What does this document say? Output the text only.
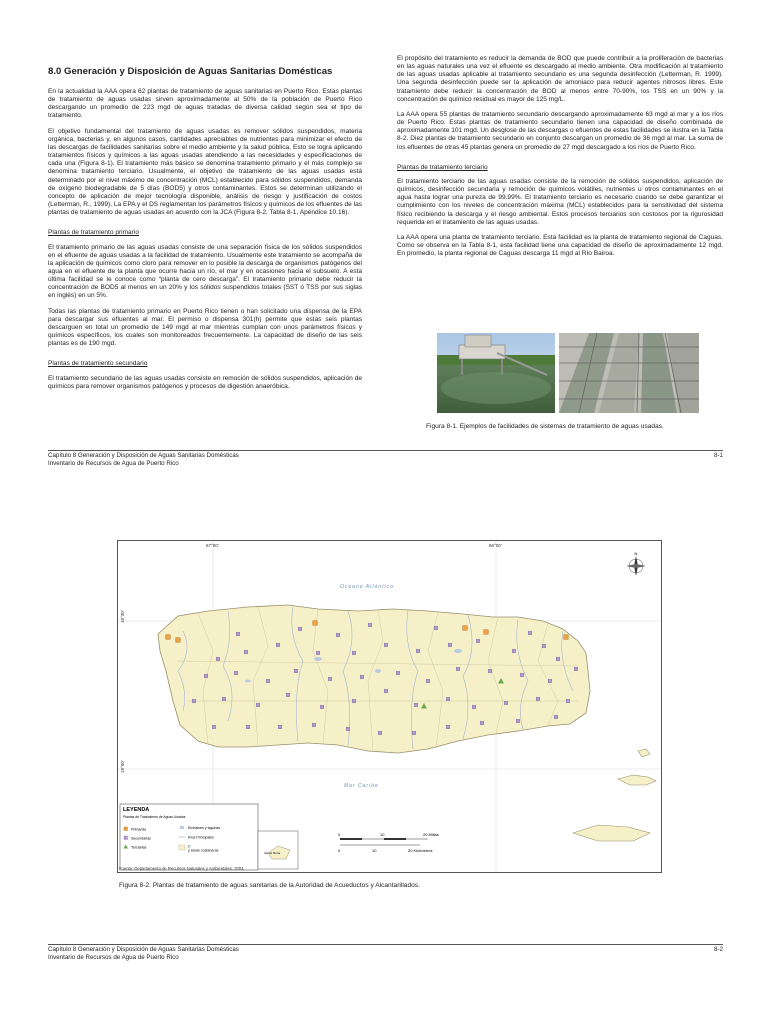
8.0 Generación y Disposición de Aguas Sanitarias Domésticas

En la actualidad la AAA opera 62 plantas de tratamiento de aguas sanitarias en Puerto Rico. Estas plantas de tratamiento de aguas usadas sirven aproximadamente al 50% de la población de Puerto Rico descargando un promedio de 223 mgd de aguas tratadas de diversa calidad según sea el tipo de tratamiento.

El objetivo fundamental del tratamiento de aguas usadas es remover sólidos suspendidos, materia orgánica, bacterias y, en algunos casos, cantidades apreciables de nutrientes para minimizar el efecto de las descargas de facilidades sanitarias sobre el medio ambiente y la salud pública. Esto se logra aplicando tratamientos físicos y químicos a las aguas usadas atendiendo a las necesidades y especificaciones de cada una (Figura 8-1). El tratamiento más básico se denomina tratamiento primario y el más complejo se denomina tratamiento terciario. Usualmente, el objetivo de tratamiento de las aguas usadas está determinado por el nivel máximo de concentración (MCL) establecido para sólidos suspendidos, demanda de oxígeno biodegradable de 5 días (BOD5) y otros contaminantes. Estos se determinan utilizando el concepto de aplicación de mejor tecnología disponible, análisis de riesgo y justificación de costos (Letterman, R., 1999). La EPA y el DS reglamentan los parámetros físicos y químicos de los efluentes de las plantas de tratamiento de aguas usadas en acuerdo con la JCA (Figura 8-2, Tabla 8-1, Apéndice 10.16).

Plantas de tratamiento primario

El tratamiento primario de las aguas usadas consiste de una separación física de los sólidos suspendidos en el efluente de aguas usadas a la facilidad de tratamiento. Usualmente este tratamiento se acompaña de la aplicación de químicos como cloro para remover en lo posible la descarga de organismos patógenos del agua en el efluente de la planta que ocurre hacia un río, el mar y en ocasiones hacia el subsuelo. A esta última facilidad se le conoce como “planta de cero descarga”. El tratamiento primario debe reducir la concentración de BOD5 al menos en un 20% y los sólidos suspendidos totales (SST ó TSS por sus siglas en inglés) en un 5%.

Todas las plantas de tratamiento primario en Puerto Rico tienen o han solicitado una dispensa de la EPA para descargar sus efluentes al mar. El permiso o dispensa 301(h) permite que estas seis plantas descarguen en total un promedio de 149 mgd al mar mientras cumplan con unos parámetros físicos y químicos específicos, los cuales son monitoreados frecuentemente. La capacidad de diseño de las seis plantas es de 190 mgd.

Plantas de tratamiento secundario

El tratamiento secundario de las aguas usadas consiste en remoción de sólidos suspendidos, aplicación de químicos para remover organismos patógenos y procesos de digestión anaeróbica.

El propósito del tratamiento es reducir la demanda de BOD que puede contribuir a la proliferación de bacterias en las aguas naturales una vez el efluente es descargado al medio ambiente. Otra modificación al tratamiento de las aguas usadas aplicable al tratamiento secundario es una segunda desinfección (Letterman, R. 1999). Una segunda desinfección puede ser la aplicación de amoniaco para reducir agentes nitrosos libres. Este tratamiento debe reducir la concentración de BOD al menos entre 70-90%, los TSS en un 90% y la concentración de químico residual es mayor de 125 mg/L.

La AAA opera 55 plantas de tratamiento secundario descargando aproximadamente 63 mgd al mar y a los ríos de Puerto Rico. Estas plantas de tratamiento secundario tienen una capacidad de diseño combinada de aproximadamente 101 mgd. Un desglose de las descargas o efluentes de estas facilidades se ilustra en la Tabla 8-2. Diez plantas de tratamiento secundario en conjunto descargan un promedio de 36 mgd al mar. La suma de los efluentes de otras 45 plantas genera un promedio de 27 mgd descargado a los ríos de Puerto Rico.

Plantas de tratamiento terciario

El tratamiento terciario de las aguas usadas consiste de la remoción de sólidos suspendidos, aplicación de químicos, desinfección secundaria y remoción de químicos volátiles, nutrientes u otros contaminantes en el agua hasta lograr una pureza de 99.99%. El tratamiento terciario es necesario cuando se debe garantizar el cumplimiento con los niveles de concentración máxima (MCL) establecidos para la sensitividad del sistema físico recibiendo la descarga y el riesgo ambiental. Estos procesos terciarios son costosos por la rigurosidad requerida en el tratamiento de las aguas usadas.

La AAA opera una planta de tratamiento terciario. Esta facilidad es la planta de tratamiento regional de Caguas. Como se observa en la Tabla 8-1, esta facilidad tiene una capacidad de diseño de aproximadamente 12 mgd. En promedio, la planta regional de Caguas descarga 11 mgd al Río Bairoa.

Figura 8-1. Ejemplos de facilidades de sistemas de tratamiento de aguas usadas.
Capítulo 8 Generación y Disposición de Aguas Sanitarias Domésticas
Inventario de Recursos de Agua de Puerto Rico
8-1
67°00'	66°00'
18°30'
18°00'
N
Oceano Atlántico
Mar Caribe
LEYENDA
Plantas de Tratamiento de Aguas Usadas
Primarias
Secundarias
Terciarias
Embalses y lagunas
Ríos Principales
C
y áreas costaneras
Isla de Mona
0	10	20 Millas
0	10	20 Kilómetros
Fuente: Departamento de Recursos Naturales y Ambientales, 2004.
Figura 8-2. Plantas de tratamiento de aguas sanitarias de la Autoridad de Acueductos y Alcantarillados.
Capítulo 8 Generación y Disposición de Aguas Sanitarias Domésticas
Inventario de Recursos de Agua de Puerto Rico
8-2
